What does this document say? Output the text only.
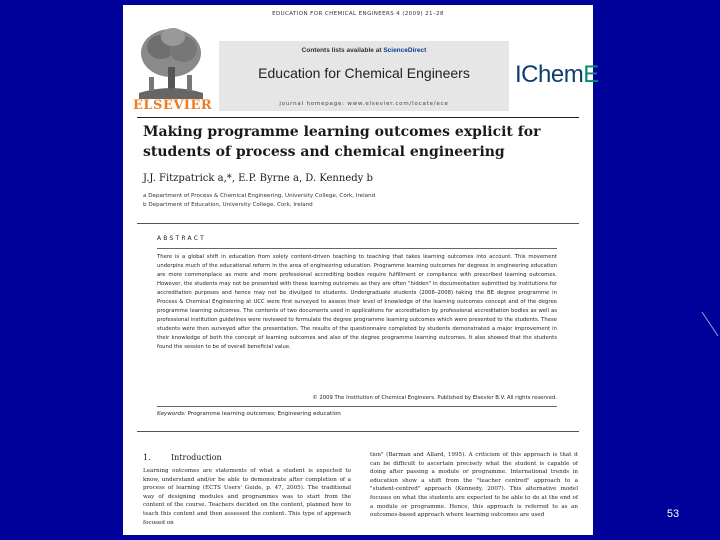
EDUCATION FOR CHEMICAL ENGINEERS 4 (2009) 21–28
ELSEVIER
Contents lists available at ScienceDirect
Education for Chemical Engineers
journal homepage: www.elsevier.com/locate/ece
IChemE
Making programme learning outcomes explicit for students of process and chemical engineering
J.J. Fitzpatrick a,*, E.P. Byrne a, D. Kennedy b
a Department of Process & Chemical Engineering, University College, Cork, Ireland
b Department of Education, University College, Cork, Ireland
ABSTRACT
There is a global shift in education from solely content-driven teaching to teaching that takes learning outcomes into account. This movement underpins much of the educational reform in the area of engineering education. Programme learning outcomes for degrees in engineering education are more commonplace as more and more professional accrediting bodies require fulfillment or compliance with prescribed learning outcomes. However, the students may not be presented with these learning outcomes as they are often "hidden" in documentation submitted by institutions for accreditation purposes and hence may not be divulged to students. Undergraduate students (2006–2008) taking the BE degree programme in Process & Chemical Engineering at UCC were first surveyed to assess their level of knowledge of the learning outcomes concept and of the degree programme learning outcomes. The contents of two documents used in applications for accreditation by professional accreditation bodies as well as professional institution guidelines were reviewed to formulate the degree programme learning outcomes which were presented to the students. These students were then surveyed after the presentation. The results of the questionnaire completed by students demonstrated a major improvement in their knowledge of both the concept of learning outcomes and also of the degree programme learning outcomes. It also showed that the students found the session to be of overall beneficial value.
© 2009 The Institution of Chemical Engineers. Published by Elsevier B.V. All rights reserved.
Keywords: Programme learning outcomes; Engineering education
1.	Introduction
Learning outcomes are statements of what a student is expected to know, understand and/or be able to demonstrate after completion of a process of learning (ECTS Users' Guide, p. 47, 2005). The traditional way of designing modules and programmes was to start from the content of the course. Teachers decided on the content, planned how to teach this content and then assessed the content. This type of approach focused on
tion" (Barman and Allard, 1995). A criticism of this approach is that it can be difficult to ascertain precisely what the student is capable of doing after passing a module or programme. International trends in education show a shift from the "teacher centred" approach to a "student-centred" approach (Kennedy, 2007). This alternative model focuses on what the students are expected to be able to do at the end of a module or programme. Hence, this approach is referred to as an outcomes-based approach where learning outcomes are used	53
